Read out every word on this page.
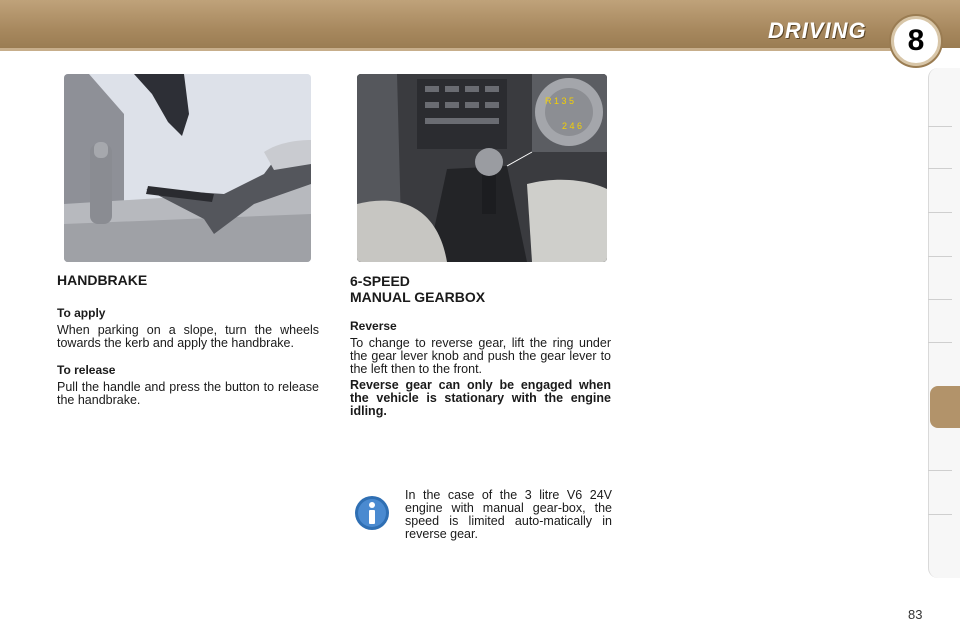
DRIVING	8
R 1 3 5
2 4 6
HANDBRAKE
To apply

When parking on a slope, turn the wheels towards the kerb and apply the handbrake.

To release

Pull the handle and press the button to release the handbrake.

6-SPEED
MANUAL GEARBOX
Reverse

To change to reverse gear, lift the ring under the gear lever knob and push the gear lever to the left then to the front.

Reverse gear can only be engaged when the vehicle is stationary with the engine idling.

In the case of the 3 litre V6 24V engine with manual gear-box, the speed is limited auto-matically in reverse gear.
83
